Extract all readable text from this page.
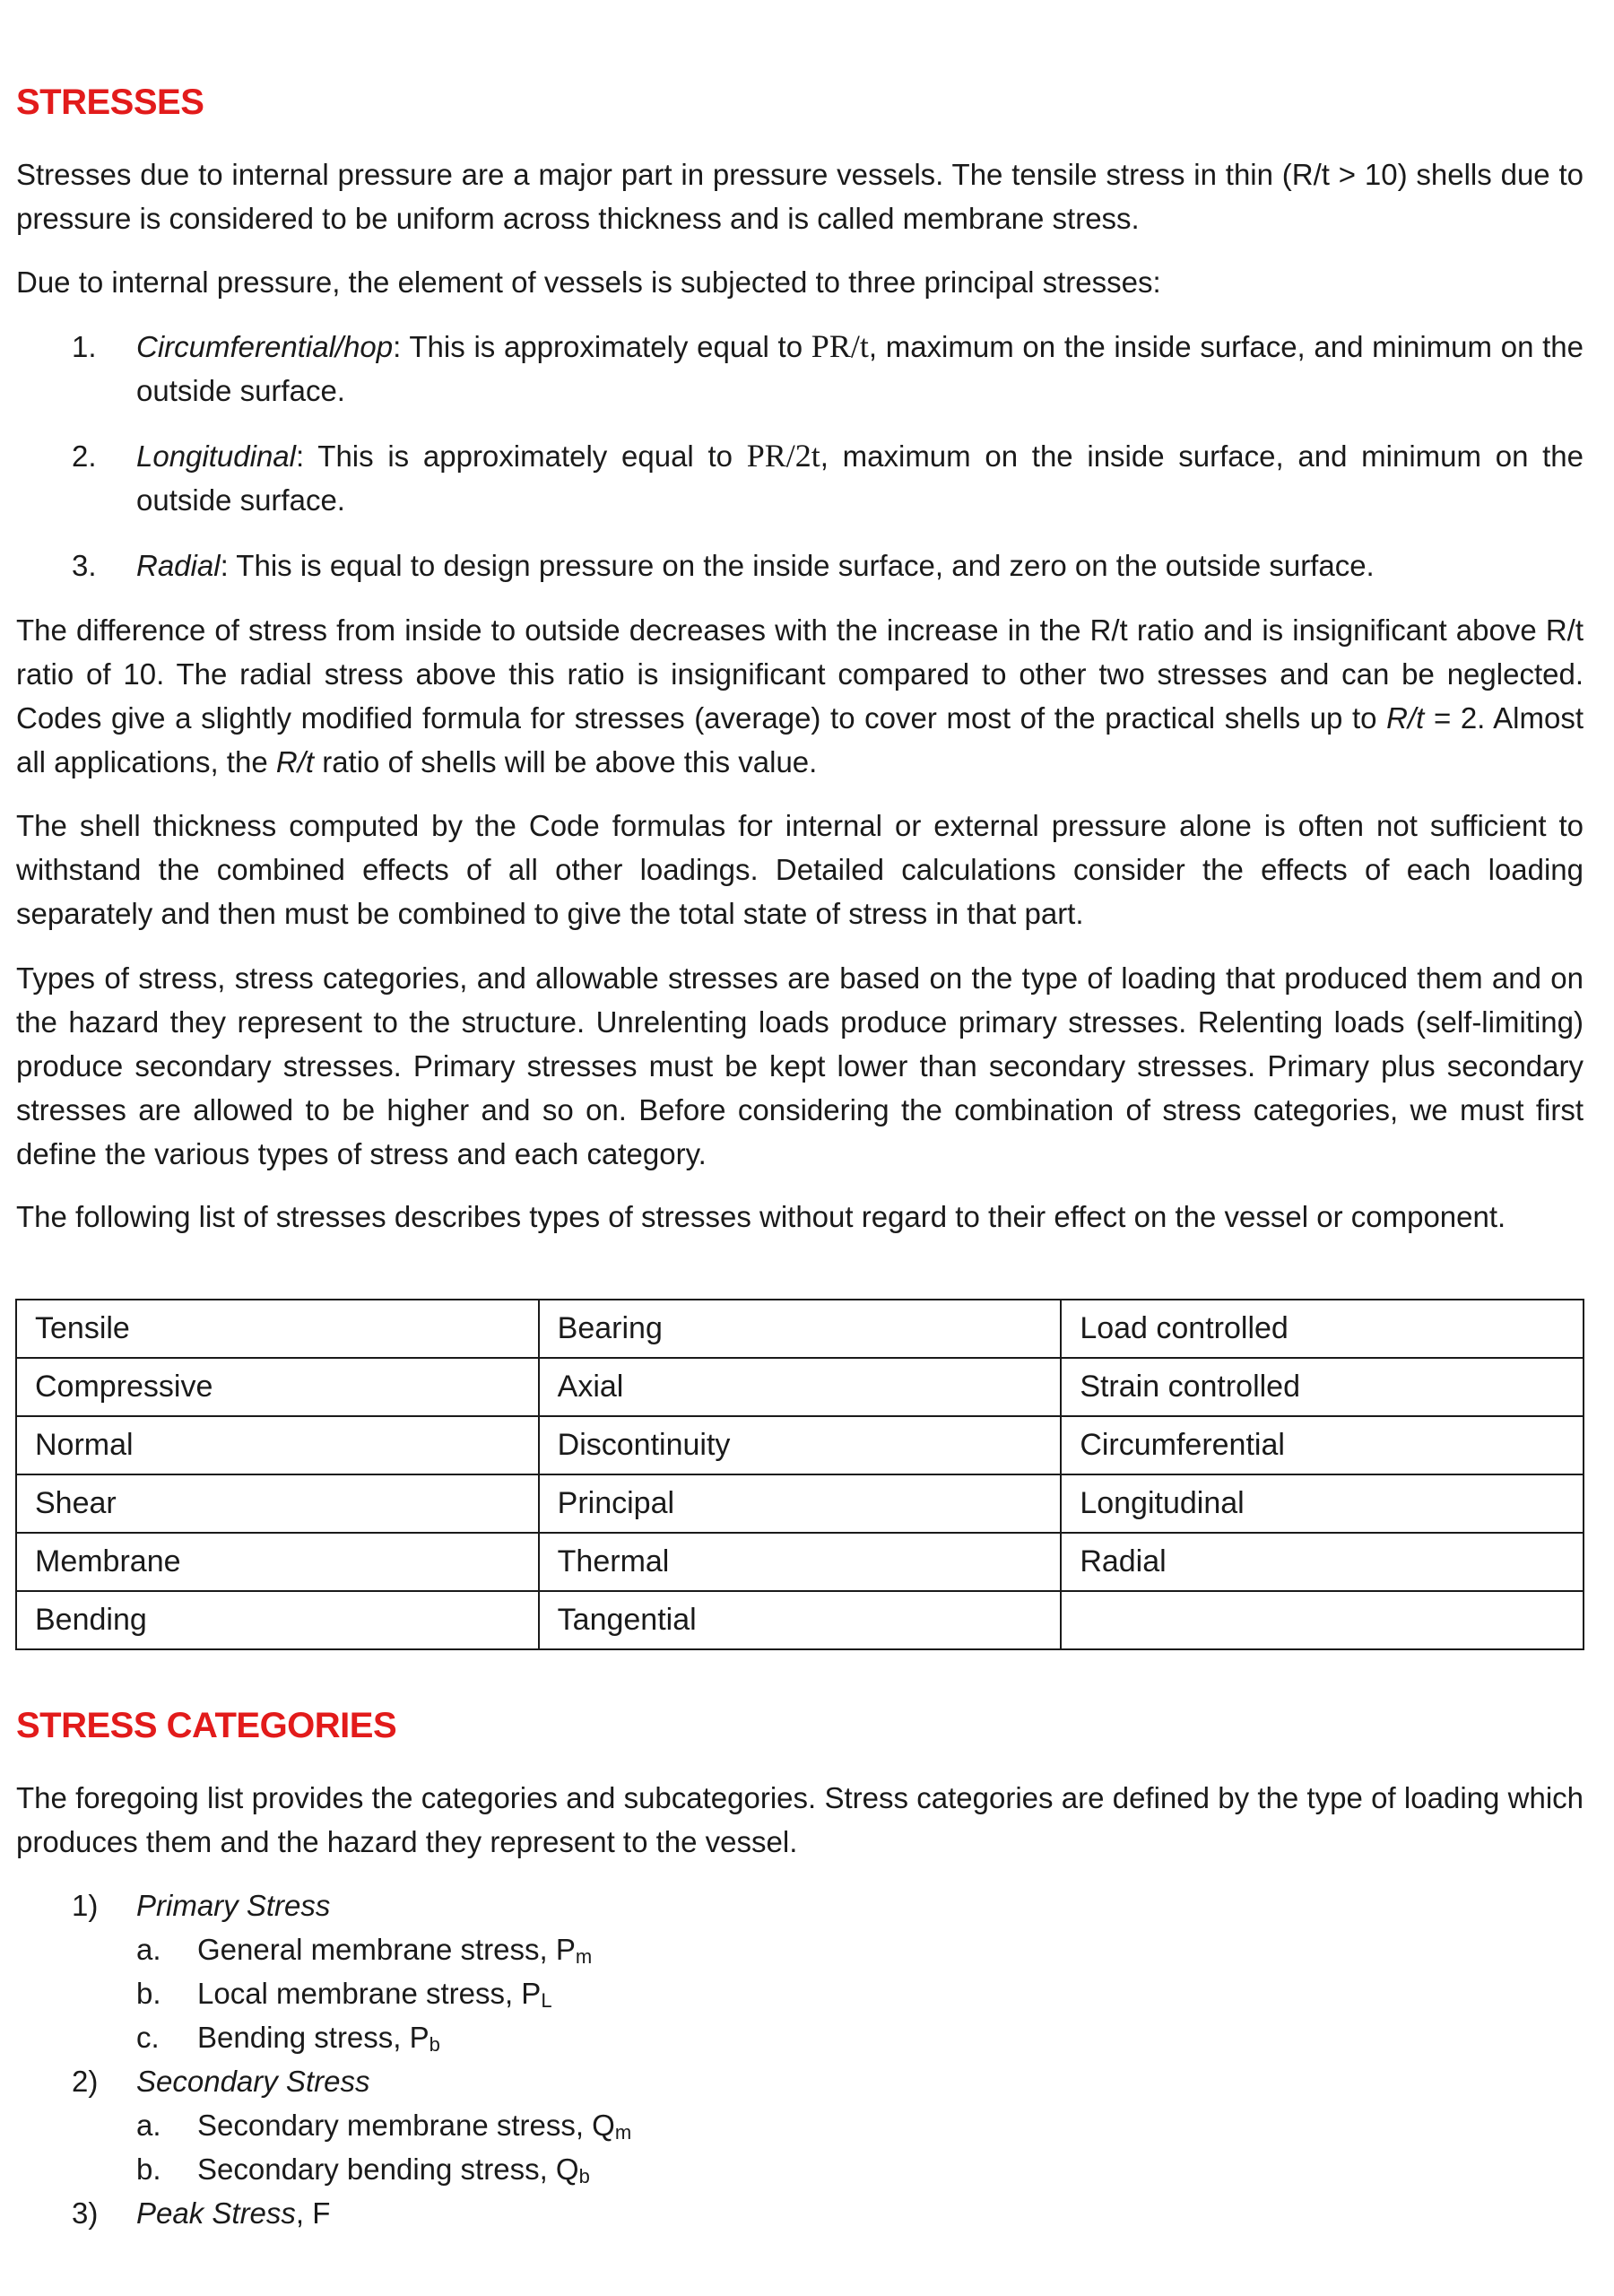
STRESSES

Stresses due to internal pressure are a major part in pressure vessels. The tensile stress in thin (R/t > 10) shells due to pressure is considered to be uniform across thickness and is called membrane stress.

Due to internal pressure, the element of vessels is subjected to three principal stresses:

1. Circumferential/hop: This is approximately equal to PR/t, maximum on the inside surface, and minimum on the outside surface.
2. Longitudinal: This is approximately equal to PR/2t, maximum on the inside surface, and minimum on the outside surface.
3. Radial: This is equal to design pressure on the inside surface, and zero on the outside surface.

The difference of stress from inside to outside decreases with the increase in the R/t ratio and is insignificant above R/t ratio of 10. The radial stress above this ratio is insignificant compared to other two stresses and can be neglected. Codes give a slightly modified formula for stresses (average) to cover most of the practical shells up to R/t = 2. Almost all applications, the R/t ratio of shells will be above this value.

The shell thickness computed by the Code formulas for internal or external pressure alone is often not sufficient to withstand the combined effects of all other loadings. Detailed calculations consider the effects of each loading separately and then must be combined to give the total state of stress in that part.

Types of stress, stress categories, and allowable stresses are based on the type of loading that produced them and on the hazard they represent to the structure. Unrelenting loads produce primary stresses. Relenting loads (self-limiting) produce secondary stresses. Primary stresses must be kept lower than secondary stresses. Primary plus secondary stresses are allowed to be higher and so on. Before considering the combination of stress categories, we must first define the various types of stress and each category.

The following list of stresses describes types of stresses without regard to their effect on the vessel or component.

Tensile	Bearing	Load controlled
Compressive	Axial	Strain controlled
Normal	Discontinuity	Circumferential
Shear	Principal	Longitudinal
Membrane	Thermal	Radial
Bending	Tangential	
STRESS CATEGORIES

The foregoing list provides the categories and subcategories. Stress categories are defined by the type of loading which produces them and the hazard they represent to the vessel.

1) Primary Stress
a. General membrane stress, $P_m$
b. Local membrane stress, $P_L$
c. Bending stress, $P_b$
2) Secondary Stress
a. Secondary membrane stress, $Q_m$
b. Secondary bending stress, $Q_b$
3) Peak Stress, F
